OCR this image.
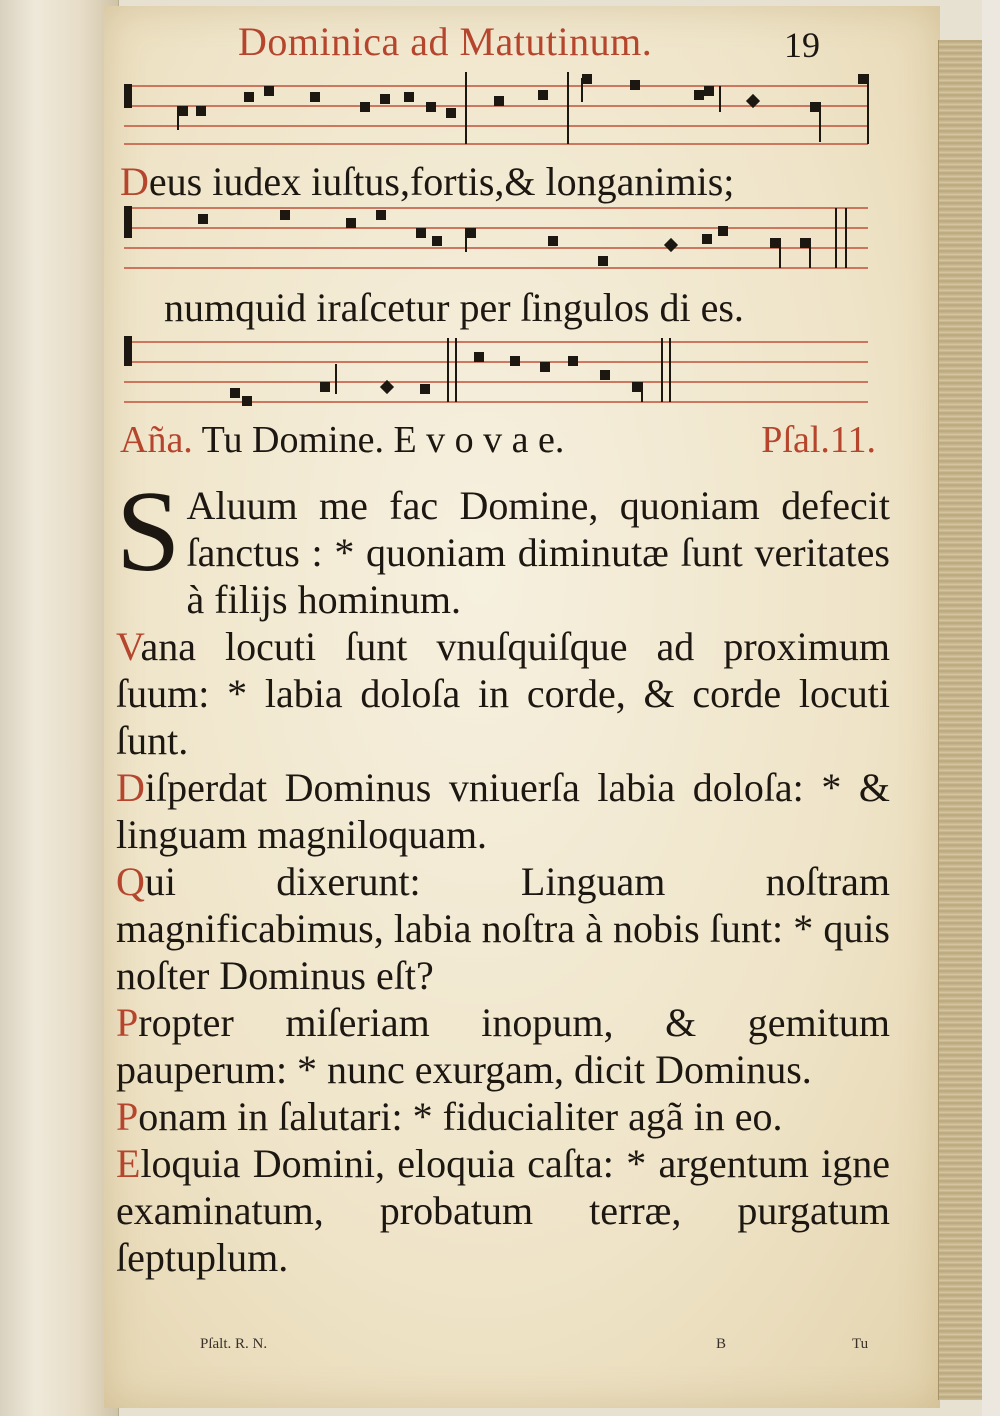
Dominica ad Matutinum.	19
Deus iudex iuſtus,fortis,& longanimis;
numquid iraſcetur per ſingulos di es.
Aña. Tu Domine. E v o v a e.	Pſal.11.

S Aluum me fac Domine, quoniam defecit ſanctus : * quoniam diminutæ ſunt veritates à filijs hominum.

Vana locuti ſunt vnuſquiſque ad proximum ſuum: * labia doloſa in corde, & corde locuti ſunt.

Diſperdat Dominus vniuerſa labia doloſa: * & linguam magniloquam.

Qui dixerunt: Linguam noſtram magnificabimus, labia noſtra à nobis ſunt: * quis noſter Dominus eſt?

Propter miſeriam inopum, & gemitum pauperum: * nunc exurgam, dicit Dominus.

Ponam in ſalutari: * fiducialiter agã in eo.

Eloquia Domini, eloquia caſta: * argentum igne examinatum, probatum terræ, purgatum ſeptuplum.

Pſalt. R. N.	B	Tu
